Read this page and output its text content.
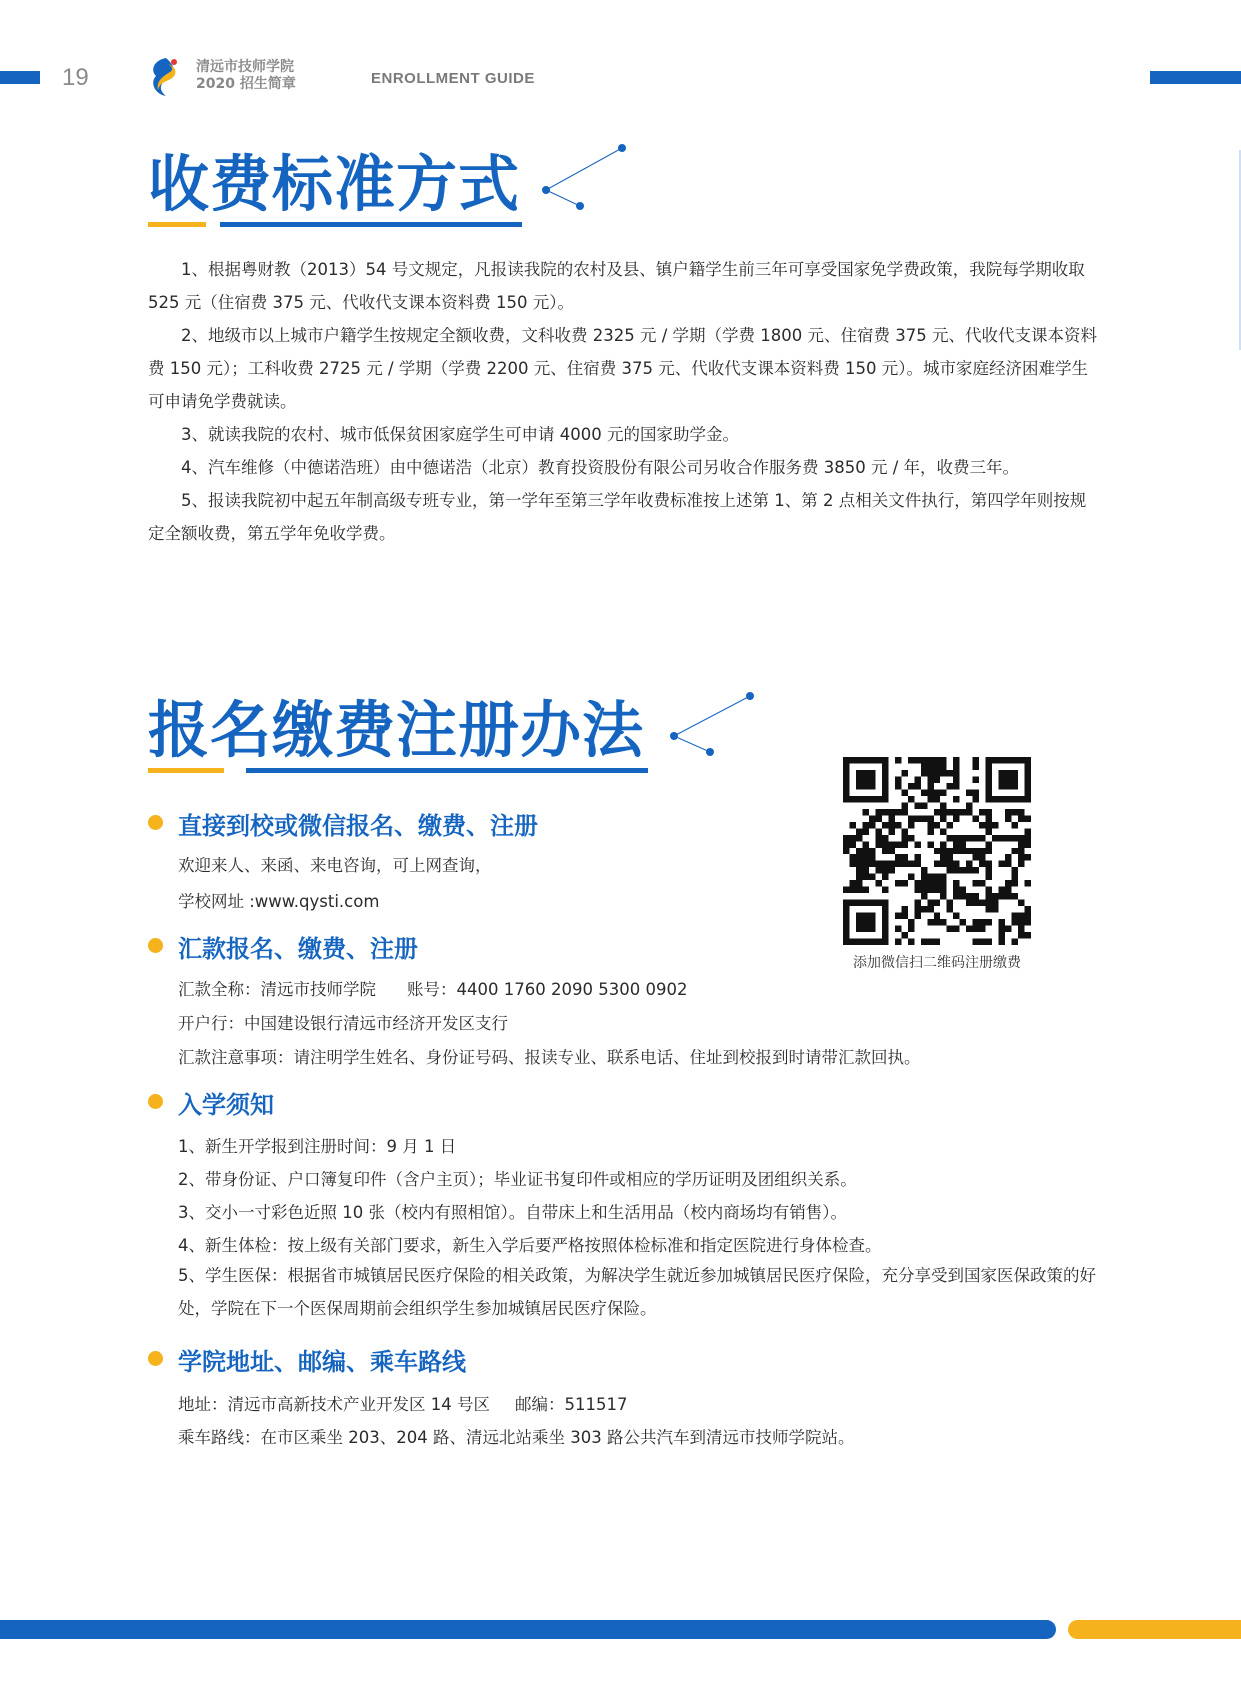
19	清远市技师学院
2020 招生简章	ENROLLMENT GUIDE
收费标准方式

1、根据粤财教（2013）54 号文规定，凡报读我院的农村及县、镇户籍学生前三年可享受国家免学费政策，我院每学期收取 525 元（住宿费 375 元、代收代支课本资料费 150 元）。

2、地级市以上城市户籍学生按规定全额收费，文科收费 2325 元 / 学期（学费 1800 元、住宿费 375 元、代收代支课本资料费 150 元）；工科收费 2725 元 / 学期（学费 2200 元、住宿费 375 元、代收代支课本资料费 150 元）。城市家庭经济困难学生可申请免学费就读。

3、就读我院的农村、城市低保贫困家庭学生可申请 4000 元的国家助学金。

4、汽车维修（中德诺浩班）由中德诺浩（北京）教育投资股份有限公司另收合作服务费 3850 元 / 年，收费三年。

5、报读我院初中起五年制高级专班专业，第一学年至第三学年收费标准按上述第 1、第 2 点相关文件执行，第四学年则按规定全额收费，第五学年免收学费。

报名缴费注册办法
直接到校或微信报名、缴费、注册
欢迎来人、来函、来电咨询，可上网查询，
学校网址 :www.qysti.com
汇款报名、缴费、注册
汇款全称：清远市技师学院 账号：4400 1760 2090 5300 0902
开户行：中国建设银行清远市经济开发区支行
汇款注意事项：请注明学生姓名、身份证号码、报读专业、联系电话、住址到校报到时请带汇款回执。
入学须知
1、新生开学报到注册时间：9 月 1 日
2、带身份证、户口簿复印件（含户主页）；毕业证书复印件或相应的学历证明及团组织关系。
3、交小一寸彩色近照 10 张（校内有照相馆）。自带床上和生活用品（校内商场均有销售）。
4、新生体检：按上级有关部门要求，新生入学后要严格按照体检标准和指定医院进行身体检查。
5、学生医保：根据省市城镇居民医疗保险的相关政策，为解决学生就近参加城镇居民医疗保险，充分享受到国家医保政策的好处，学院在下一个医保周期前会组织学生参加城镇居民医疗保险。
学院地址、邮编、乘车路线
地址：清远市高新技术产业开发区 14 号区 邮编：511517
乘车路线：在市区乘坐 203、204 路、清远北站乘坐 303 路公共汽车到清远市技师学院站。
添加微信扫二维码注册缴费
